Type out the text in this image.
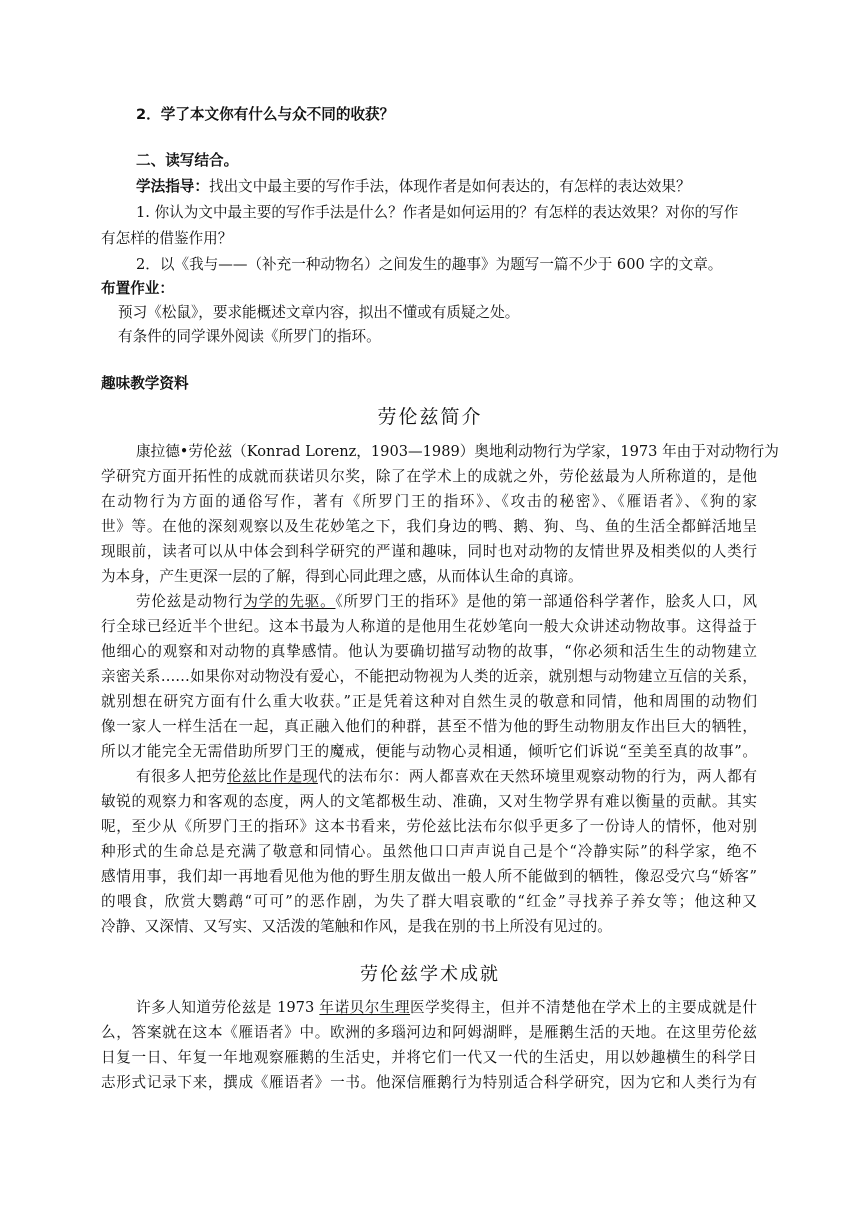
2．学了本文你有什么与众不同的收获？
二、读写结合。
学法指导：找出文中最主要的写作手法，体现作者是如何表达的，有怎样的表达效果？
1. 你认为文中最主要的写作手法是什么？作者是如何运用的？有怎样的表达效果？对你的写作
有怎样的借鉴作用？
2．以《我与——（补充一种动物名）之间发生的趣事》为题写一篇不少于 600 字的文章。
布置作业：
预习《松鼠》，要求能概述文章内容，拟出不懂或有质疑之处。
有条件的同学课外阅读《所罗门的指环。
趣味教学资料
劳伦兹简介
康拉德•劳伦兹（Konrad Lorenz，1903—1989）奥地利动物行为学家，1973 年由于对动物行为
学研究方面开拓性的成就而获诺贝尔奖，除了在学术上的成就之外，劳伦兹最为人所称道的，是他
在动物行为方面的通俗写作，著有《所罗门王的指环》、《攻击的秘密》、《雁语者》、《狗的家
世》等。在他的深刻观察以及生花妙笔之下，我们身边的鸭、鹅、狗、鸟、鱼的生活全都鲜活地呈
现眼前，读者可以从中体会到科学研究的严谨和趣味，同时也对动物的友情世界及相类似的人类行
为本身，产生更深一层的了解，得到心同此理之感，从而体认生命的真谛。
劳伦兹是动物行为学的先驱。《所罗门王的指环》是他的第一部通俗科学著作，脍炙人口，风
行全球已经近半个世纪。这本书最为人称道的是他用生花妙笔向一般大众讲述动物故事。这得益于
他细心的观察和对动物的真挚感情。他认为要确切描写动物的故事，“你必须和活生生的动物建立
亲密关系……如果你对动物没有爱心，不能把动物视为人类的近亲，就别想与动物建立互信的关系，
就别想在研究方面有什么重大收获。”正是凭着这种对自然生灵的敬意和同情，他和周围的动物们
像一家人一样生活在一起，真正融入他们的种群，甚至不惜为他的野生动物朋友作出巨大的牺牲，
所以才能完全无需借助所罗门王的魔戒，便能与动物心灵相通，倾听它们诉说“至美至真的故事”。
有很多人把劳伦兹比作是现代的法布尔：两人都喜欢在天然环境里观察动物的行为，两人都有
敏锐的观察力和客观的态度，两人的文笔都极生动、准确，又对生物学界有难以衡量的贡献。其实
呢，至少从《所罗门王的指环》这本书看来，劳伦兹比法布尔似乎更多了一份诗人的情怀，他对别
种形式的生命总是充满了敬意和同情心。虽然他口口声声说自己是个“冷静实际”的科学家，绝不
感情用事，我们却一再地看见他为他的野生朋友做出一般人所不能做到的牺牲，像忍受穴乌“娇客”
的喂食，欣赏大鹦鹉“可可”的恶作剧，为失了群大唱哀歌的“红金”寻找养子养女等；他这种又
冷静、又深情、又写实、又活泼的笔触和作风，是我在别的书上所没有见过的。
劳伦兹学术成就
许多人知道劳伦兹是 1973 年诺贝尔生理医学奖得主，但并不清楚他在学术上的主要成就是什
么，答案就在这本《雁语者》中。欧洲的多瑙河边和阿姆湖畔，是雁鹅生活的天地。在这里劳伦兹
日复一日、年复一年地观察雁鹅的生活史，并将它们一代又一代的生活史，用以妙趣横生的科学日
志形式记录下来，撰成《雁语者》一书。他深信雁鹅行为特别适合科学研究，因为它和人类行为有
